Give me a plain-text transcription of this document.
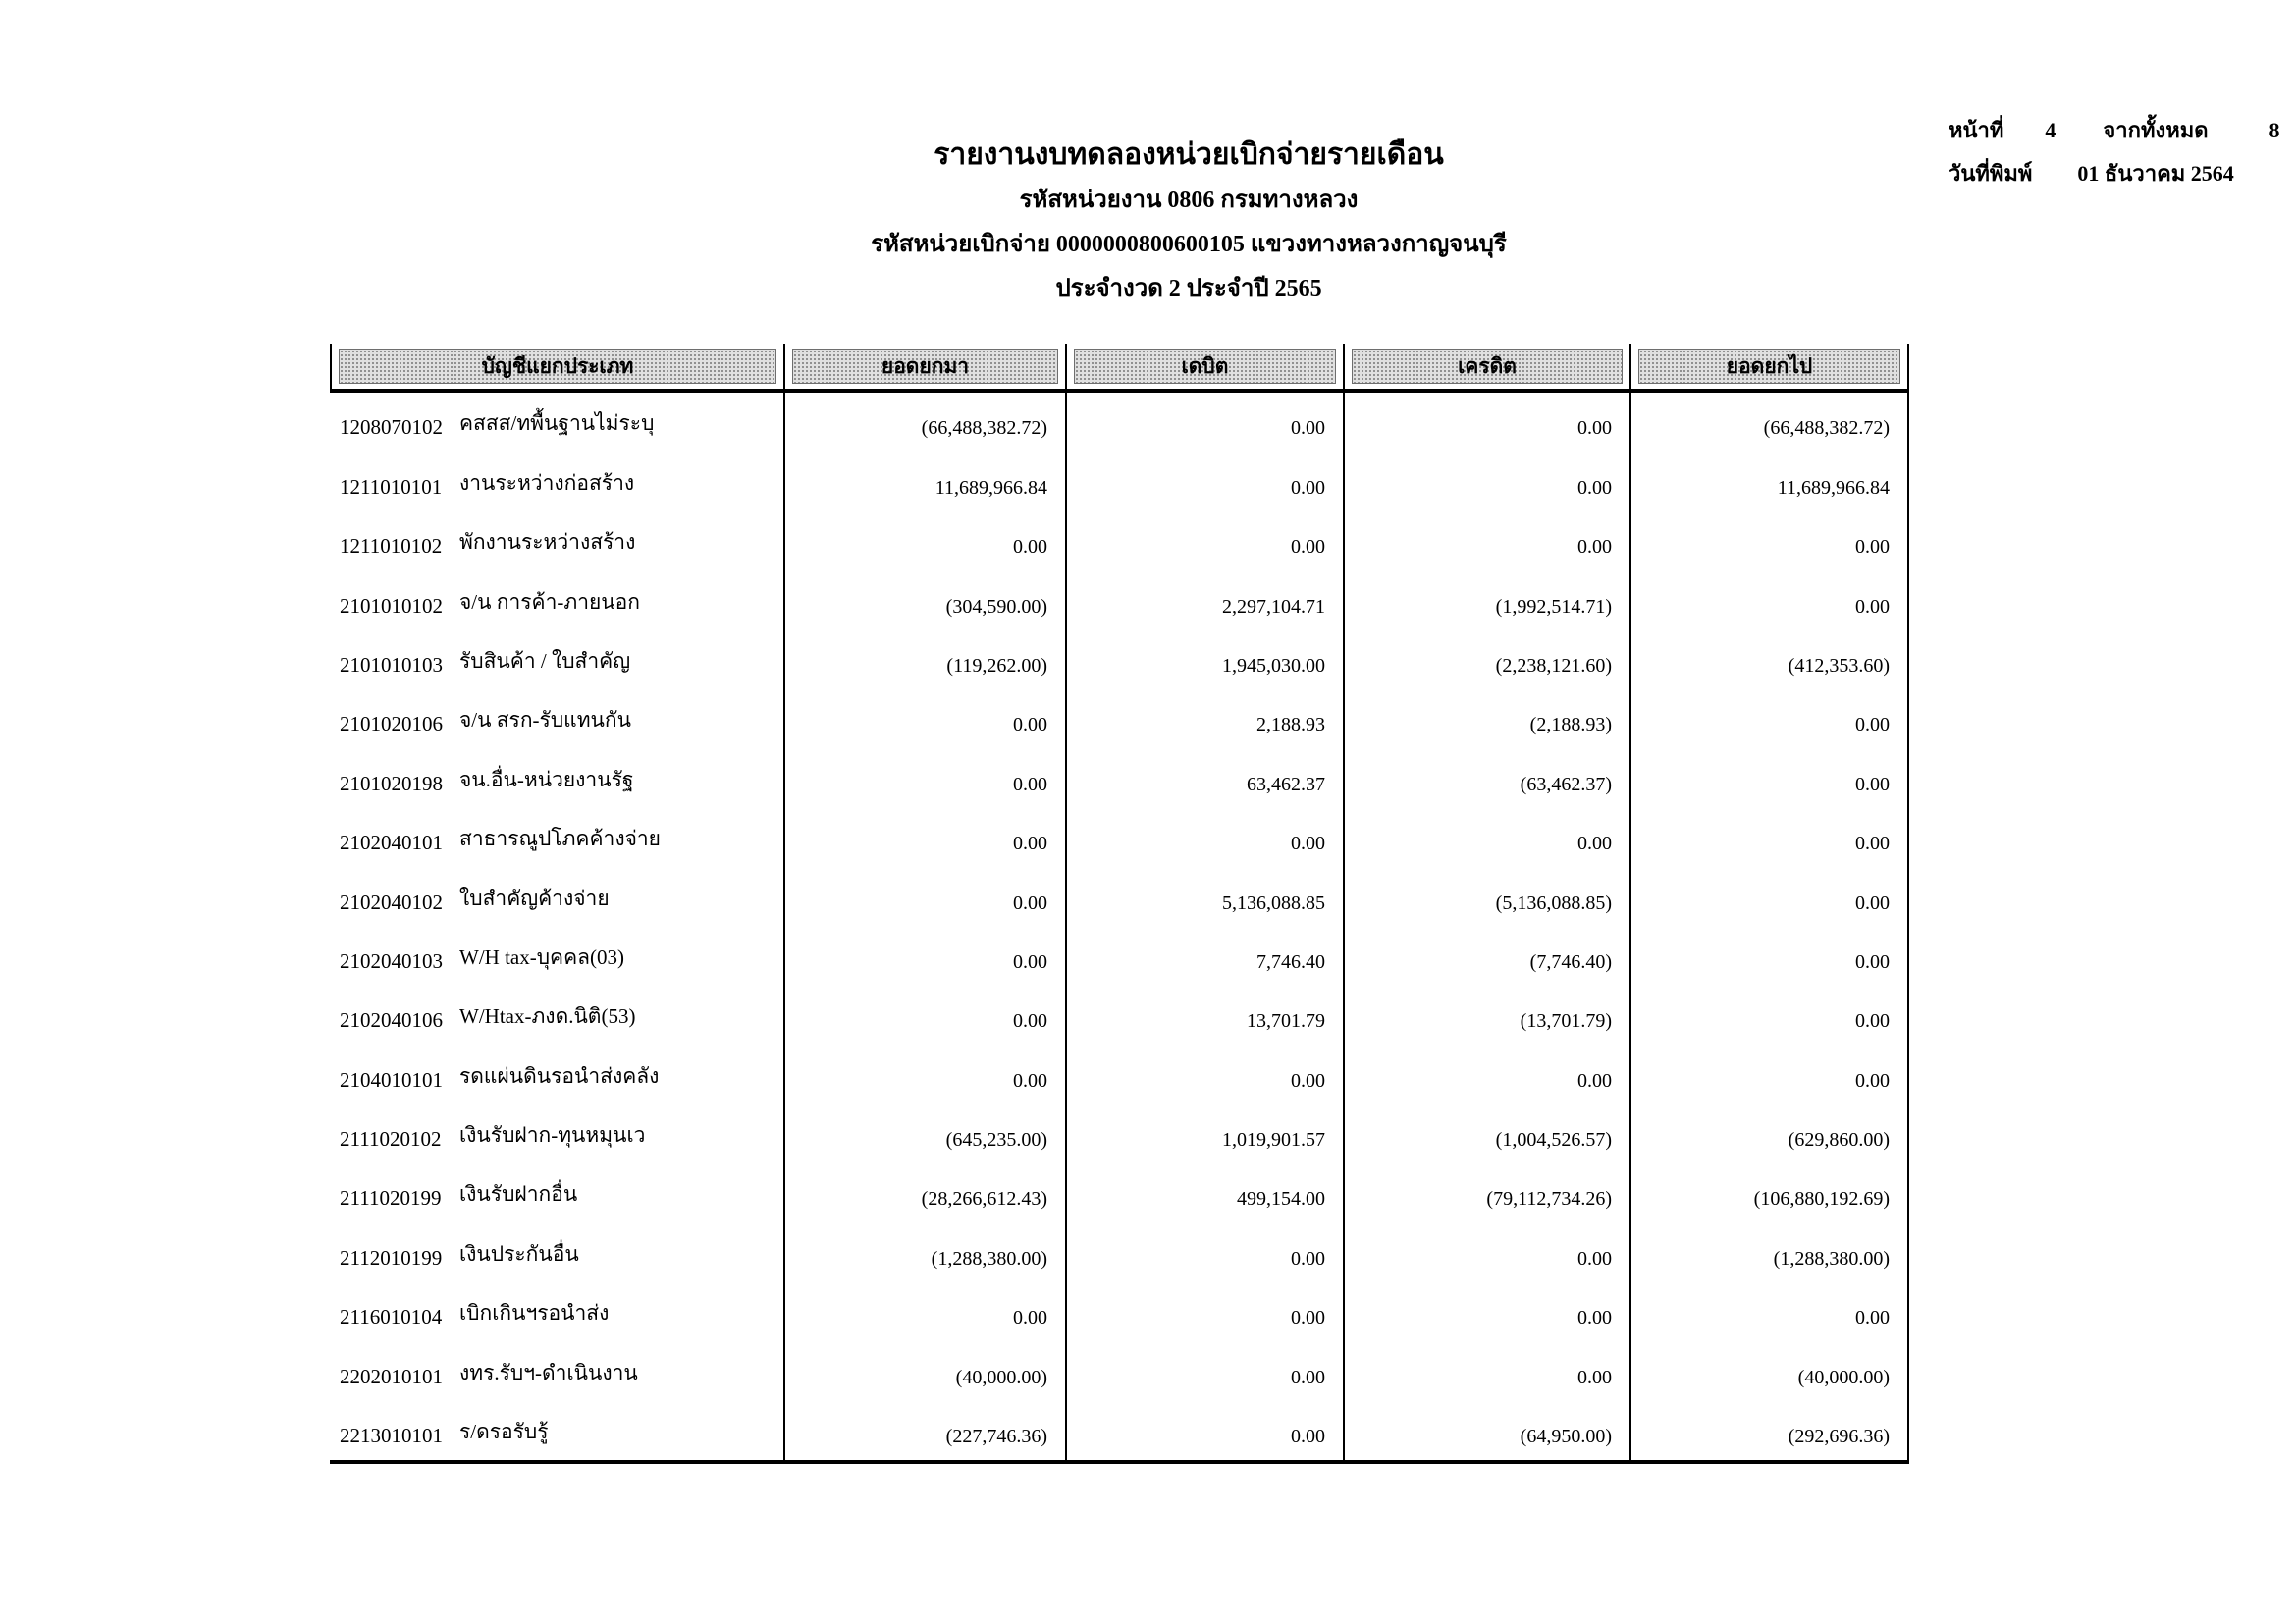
รายงานงบทดลองหน่วยเบิกจ่ายรายเดือน
รหัสหน่วยงาน 0806 กรมทางหลวง
รหัสหน่วยเบิกจ่าย 0000000800600105 แขวงทางหลวงกาญจนบุรี
ประจำงวด 2 ประจำปี 2565
หน้าที่ 4 จากทั้งหมด	8
วันที่พิมพ์ 01 ธันวาคม 2564
บัญชีแยกประเภท	ยอดยกมา	เดบิต	เครดิต	ยอดยกไป
1208070102 คสสส/ทพื้นฐานไม่ระบุ	(66,488,382.72)	0.00	0.00	(66,488,382.72)
1211010101 งานระหว่างก่อสร้าง	11,689,966.84	0.00	0.00	11,689,966.84
1211010102 พักงานระหว่างสร้าง	0.00	0.00	0.00	0.00
2101010102 จ/น การค้า-ภายนอก	(304,590.00)	2,297,104.71	(1,992,514.71)	0.00
2101010103 รับสินค้า / ใบสำคัญ	(119,262.00)	1,945,030.00	(2,238,121.60)	(412,353.60)
2101020106 จ/น สรก-รับแทนกัน	0.00	2,188.93	(2,188.93)	0.00
2101020198 จน.อื่น-หน่วยงานรัฐ	0.00	63,462.37	(63,462.37)	0.00
2102040101 สาธารณูปโภคค้างจ่าย	0.00	0.00	0.00	0.00
2102040102 ใบสำคัญค้างจ่าย	0.00	5,136,088.85	(5,136,088.85)	0.00
2102040103 W/H tax-บุคคล(03)	0.00	7,746.40	(7,746.40)	0.00
2102040106 W/Htax-ภงด.นิติ(53)	0.00	13,701.79	(13,701.79)	0.00
2104010101 รดแผ่นดินรอนำส่งคลัง	0.00	0.00	0.00	0.00
2111020102 เงินรับฝาก-ทุนหมุนเว	(645,235.00)	1,019,901.57	(1,004,526.57)	(629,860.00)
2111020199 เงินรับฝากอื่น	(28,266,612.43)	499,154.00	(79,112,734.26)	(106,880,192.69)
2112010199 เงินประกันอื่น	(1,288,380.00)	0.00	0.00	(1,288,380.00)
2116010104 เบิกเกินฯรอนำส่ง	0.00	0.00	0.00	0.00
2202010101 งทร.รับฯ-ดำเนินงาน	(40,000.00)	0.00	0.00	(40,000.00)
2213010101 ร/ดรอรับรู้	(227,746.36)	0.00	(64,950.00)	(292,696.36)
